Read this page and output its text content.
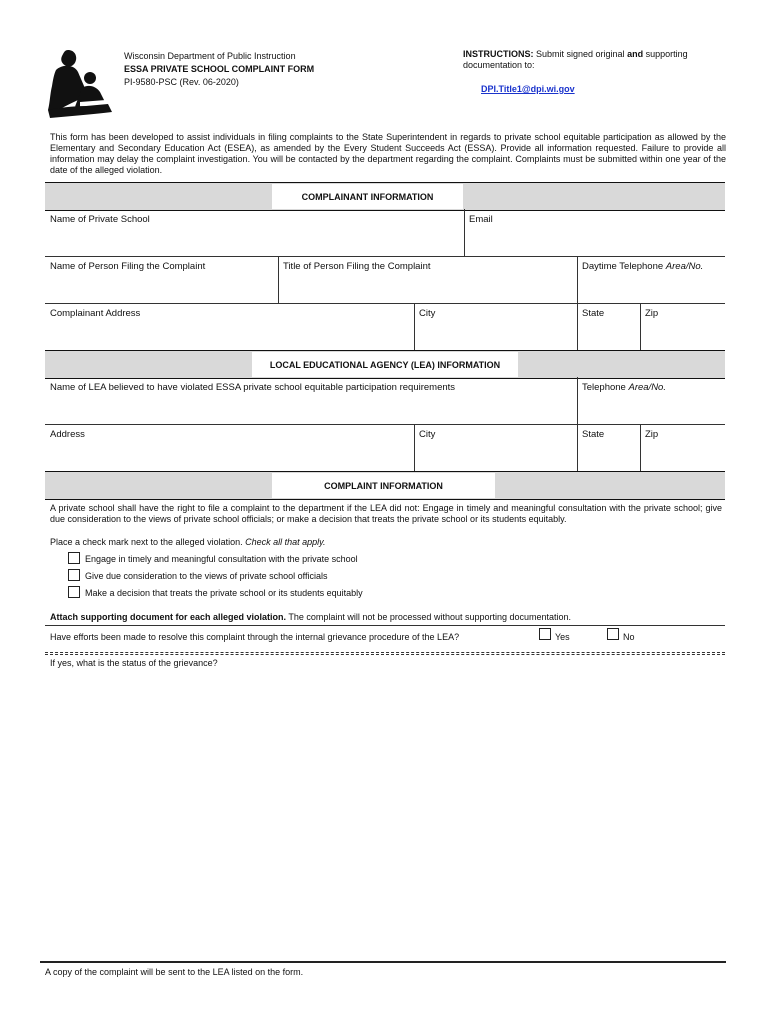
Wisconsin Department of Public Instruction
ESSA PRIVATE SCHOOL COMPLAINT FORM
PI-9580-PSC (Rev. 06-2020)
INSTRUCTIONS: Submit signed original and supporting documentation to:
DPI.Title1@dpi.wi.gov
This form has been developed to assist individuals in filing complaints to the State Superintendent in regards to private school equitable participation as allowed by the Elementary and Secondary Education Act (ESEA), as amended by the Every Student Succeeds Act (ESSA). Provide all information requested. Failure to provide all information may delay the complaint investigation. You will be contacted by the department regarding the complaint. Complaints must be submitted within one year of the date of the alleged violation.
COMPLAINANT INFORMATION
Name of Private School	Email
Name of Person Filing the Complaint	Title of Person Filing the Complaint	Daytime Telephone Area/No.
Complainant Address	City	State	Zip
LOCAL EDUCATIONAL AGENCY (LEA) INFORMATION
Name of LEA believed to have violated ESSA private school equitable participation requirements	Telephone Area/No.
Address	City	State	Zip
COMPLAINT INFORMATION
A private school shall have the right to file a complaint to the department if the LEA did not: Engage in timely and meaningful consultation with the private school; give due consideration to the views of private school officials; or make a decision that treats the private school or its students equitably.
Place a check mark next to the alleged violation. Check all that apply.
Engage in timely and meaningful consultation with the private school
Give due consideration to the views of private school officials
Make a decision that treats the private school or its students equitably
Attach supporting document for each alleged violation. The complaint will not be processed without supporting documentation.
Have efforts been made to resolve this complaint through the internal grievance procedure of the LEA?	Yes	No
If yes, what is the status of the grievance?
A copy of the complaint will be sent to the LEA listed on the form.
